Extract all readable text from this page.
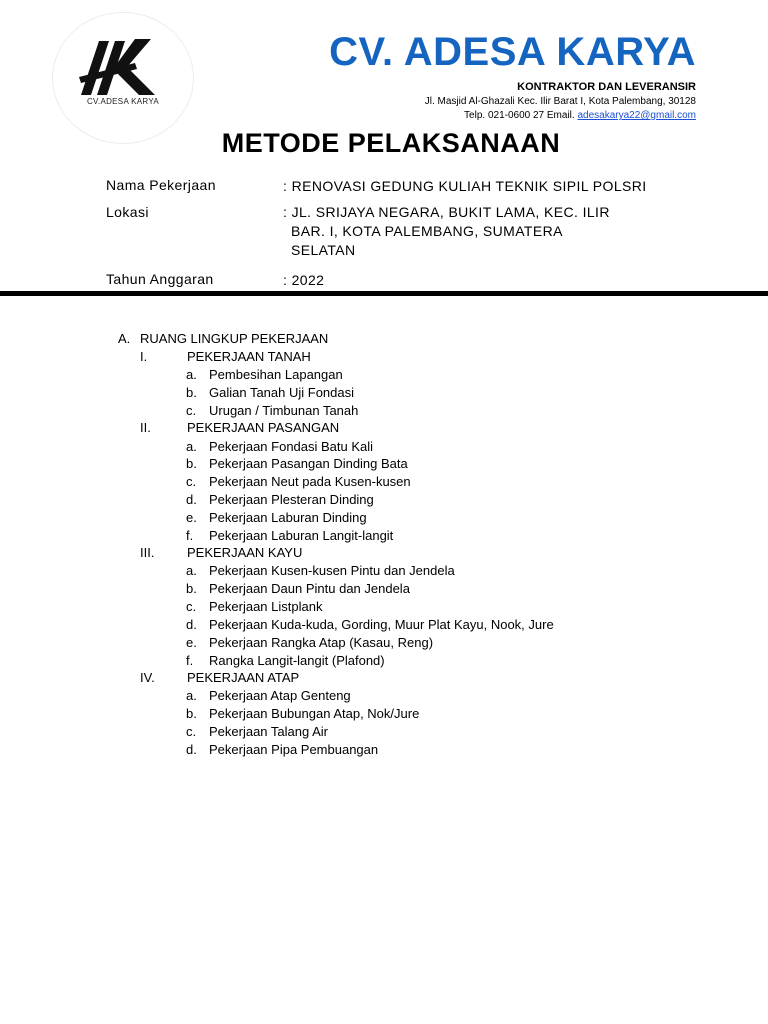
CV.ADESA KARYA
CV. ADESA KARYA
KONTRAKTOR DAN LEVERANSIR
Jl. Masjid Al-Ghazali Kec. Ilir Barat I, Kota Palembang, 30128
Telp. 021-0600 27 Email. adesakarya22@gmail.com
METODE PELAKSANAAN
Nama Pekerjaan	: RENOVASI GEDUNG KULIAH TEKNIK SIPIL POLSRI
Lokasi	: JL. SRIJAYA NEGARA, BUKIT LAMA, KEC. ILIR
BAR. I, KOTA PALEMBANG, SUMATERA
SELATAN
Tahun Anggaran	: 2022
A. RUANG LINGKUP PEKERJAAN
I.	PEKERJAAN TANAH
a. Pembesihan Lapangan
b. Galian Tanah Uji Fondasi
c. Urugan / Timbunan Tanah
II.	PEKERJAAN PASANGAN
a. Pekerjaan Fondasi Batu Kali
b. Pekerjaan Pasangan Dinding Bata
c. Pekerjaan Neut pada Kusen-kusen
d. Pekerjaan Plesteran Dinding
e. Pekerjaan Laburan Dinding
f. Pekerjaan Laburan Langit-langit
III.	PEKERJAAN KAYU
a. Pekerjaan Kusen-kusen Pintu dan Jendela
b. Pekerjaan Daun Pintu dan Jendela
c. Pekerjaan Listplank
d. Pekerjaan Kuda-kuda, Gording, Muur Plat Kayu, Nook, Jure
e. Pekerjaan Rangka Atap (Kasau, Reng)
f. Rangka Langit-langit (Plafond)
IV. PEKERJAAN ATAP
a. Pekerjaan Atap Genteng
b. Pekerjaan Bubungan Atap, Nok/Jure
c. Pekerjaan Talang Air
d. Pekerjaan Pipa Pembuangan
